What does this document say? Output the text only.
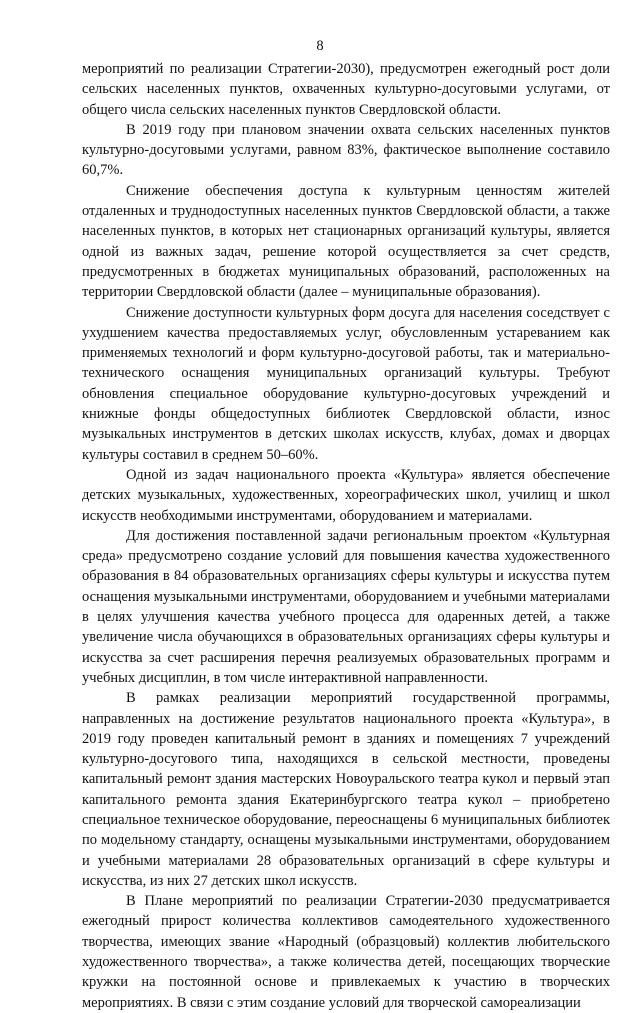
8

мероприятий по реализации Стратегии-2030), предусмотрен ежегодный рост доли сельских населенных пунктов, охваченных культурно-досуговыми услугами, от общего числа сельских населенных пунктов Свердловской области.

В 2019 году при плановом значении охвата сельских населенных пунктов культурно-досуговыми услугами, равном 83%, фактическое выполнение составило 60,7%.

Снижение обеспечения доступа к культурным ценностям жителей отдаленных и труднодоступных населенных пунктов Свердловской области, а также населенных пунктов, в которых нет стационарных организаций культуры, является одной из важных задач, решение которой осуществляется за счет средств, предусмотренных в бюджетах муниципальных образований, расположенных на территории Свердловской области (далее – муниципальные образования).

Снижение доступности культурных форм досуга для населения соседствует с ухудшением качества предоставляемых услуг, обусловленным устареванием как применяемых технологий и форм культурно-досуговой работы, так и материально-технического оснащения муниципальных организаций культуры. Требуют обновления специальное оборудование культурно-досуговых учреждений и книжные фонды общедоступных библиотек Свердловской области, износ музыкальных инструментов в детских школах искусств, клубах, домах и дворцах культуры составил в среднем 50–60%.

Одной из задач национального проекта «Культура» является обеспечение детских музыкальных, художественных, хореографических школ, училищ и школ искусств необходимыми инструментами, оборудованием и материалами.

Для достижения поставленной задачи региональным проектом «Культурная среда» предусмотрено создание условий для повышения качества художественного образования в 84 образовательных организациях сферы культуры и искусства путем оснащения музыкальными инструментами, оборудованием и учебными материалами в целях улучшения качества учебного процесса для одаренных детей, а также увеличение числа обучающихся в образовательных организациях сферы культуры и искусства за счет расширения перечня реализуемых образовательных программ и учебных дисциплин, в том числе интерактивной направленности.

В рамках реализации мероприятий государственной программы, направленных на достижение результатов национального проекта «Культура», в 2019 году проведен капитальный ремонт в зданиях и помещениях 7 учреждений культурно-досугового типа, находящихся в сельской местности, проведены капитальный ремонт здания мастерских Новоуральского театра кукол и первый этап капитального ремонта здания Екатеринбургского театра кукол – приобретено специальное техническое оборудование, переоснащены 6 муниципальных библиотек по модельному стандарту, оснащены музыкальными инструментами, оборудованием и учебными материалами 28 образовательных организаций в сфере культуры и искусства, из них 27 детских школ искусств.

В Плане мероприятий по реализации Стратегии-2030 предусматривается ежегодный прирост количества коллективов самодеятельного художественного творчества, имеющих звание «Народный (образцовый) коллектив любительского художественного творчества», а также количества детей, посещающих творческие кружки на постоянной основе и привлекаемых к участию в творческих мероприятиях. В связи с этим создание условий для творческой самореализации
